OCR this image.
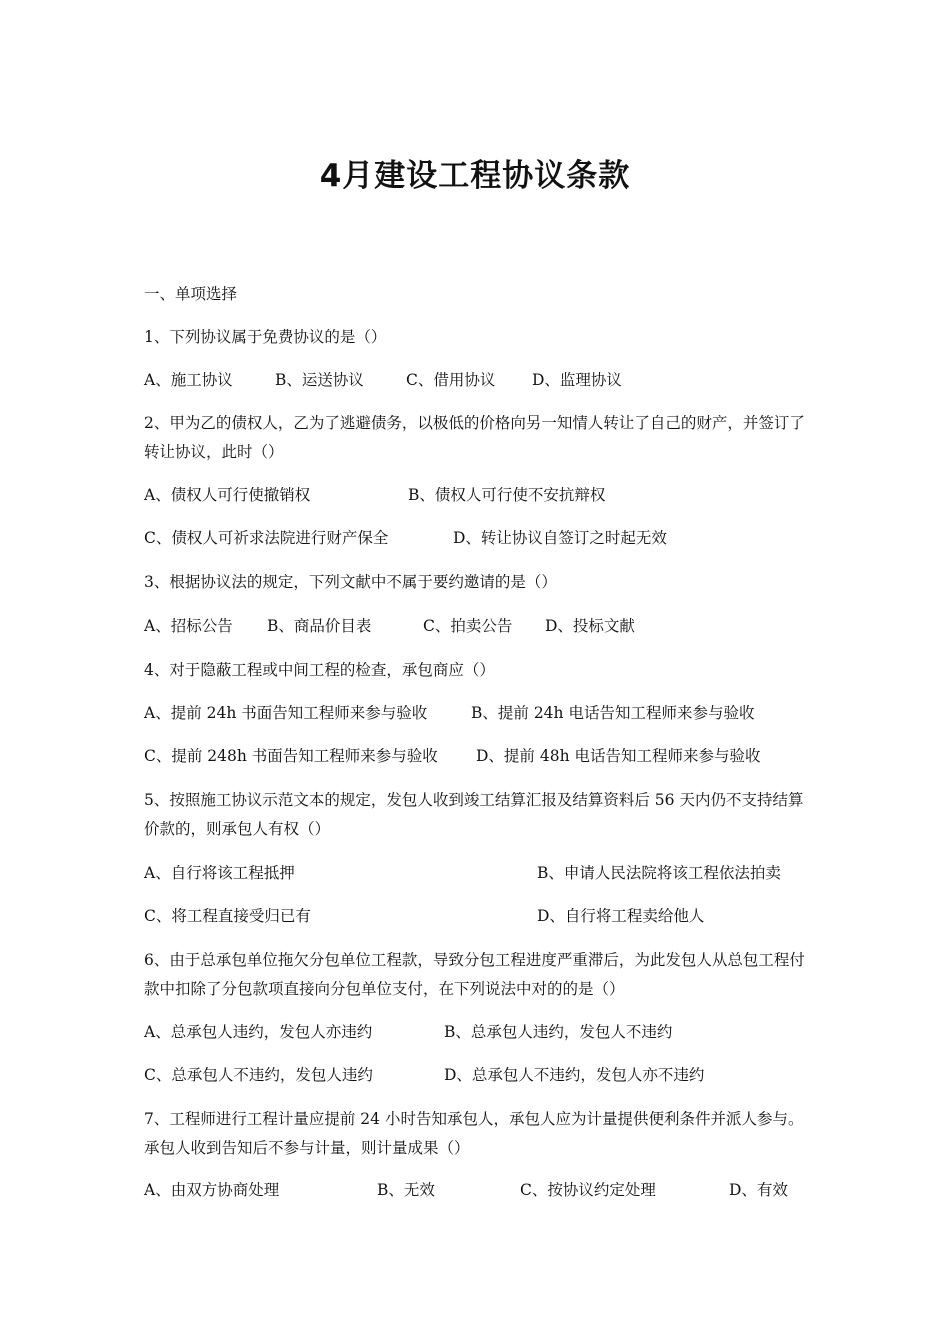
4月建设工程协议条款
一、单项选择
1、下列协议属于免费协议的是（）
A、施工协议	B、运送协议	C、借用协议 D、监理协议
2、甲为乙的债权人，乙为了逃避债务，以极低的价格向另一知情人转让了自己的财产，并签订了转让协议，此时（）
A、债权人可行使撤销权	B、债权人可行使不安抗辩权
C、债权人可祈求法院进行财产保全	D、转让协议自签订之时起无效
3、根据协议法的规定，下列文献中不属于要约邀请的是（）
A、招标公告 B、商品价目表	C、拍卖公告 D、投标文献
4、对于隐蔽工程或中间工程的检查，承包商应（）
A、提前 24h 书面告知工程师来参与验收	B、提前 24h 电话告知工程师来参与验收
C、提前 248h 书面告知工程师来参与验收 D、提前 48h 电话告知工程师来参与验收
5、按照施工协议示范文本的规定，发包人收到竣工结算汇报及结算资料后 56 天内仍不支持结算价款的，则承包人有权（）
A、自行将该工程抵押	B、申请人民法院将该工程依法拍卖
C、将工程直接受归已有	D、自行将工程卖给他人
6、由于总承包单位拖欠分包单位工程款，导致分包工程进度严重滞后，为此发包人从总包工程付款中扣除了分包款项直接向分包单位支付，在下列说法中对的的是（）
A、总承包人违约，发包人亦违约	B、总承包人违约，发包人不违约
C、总承包人不违约，发包人违约	D、总承包人不违约，发包人亦不违约
7、工程师进行工程计量应提前 24 小时告知承包人，承包人应为计量提供便利条件并派人参与。承包人收到告知后不参与计量，则计量成果（）
A、由双方协商处理	B、无效	C、按协议约定处理	D、有效
